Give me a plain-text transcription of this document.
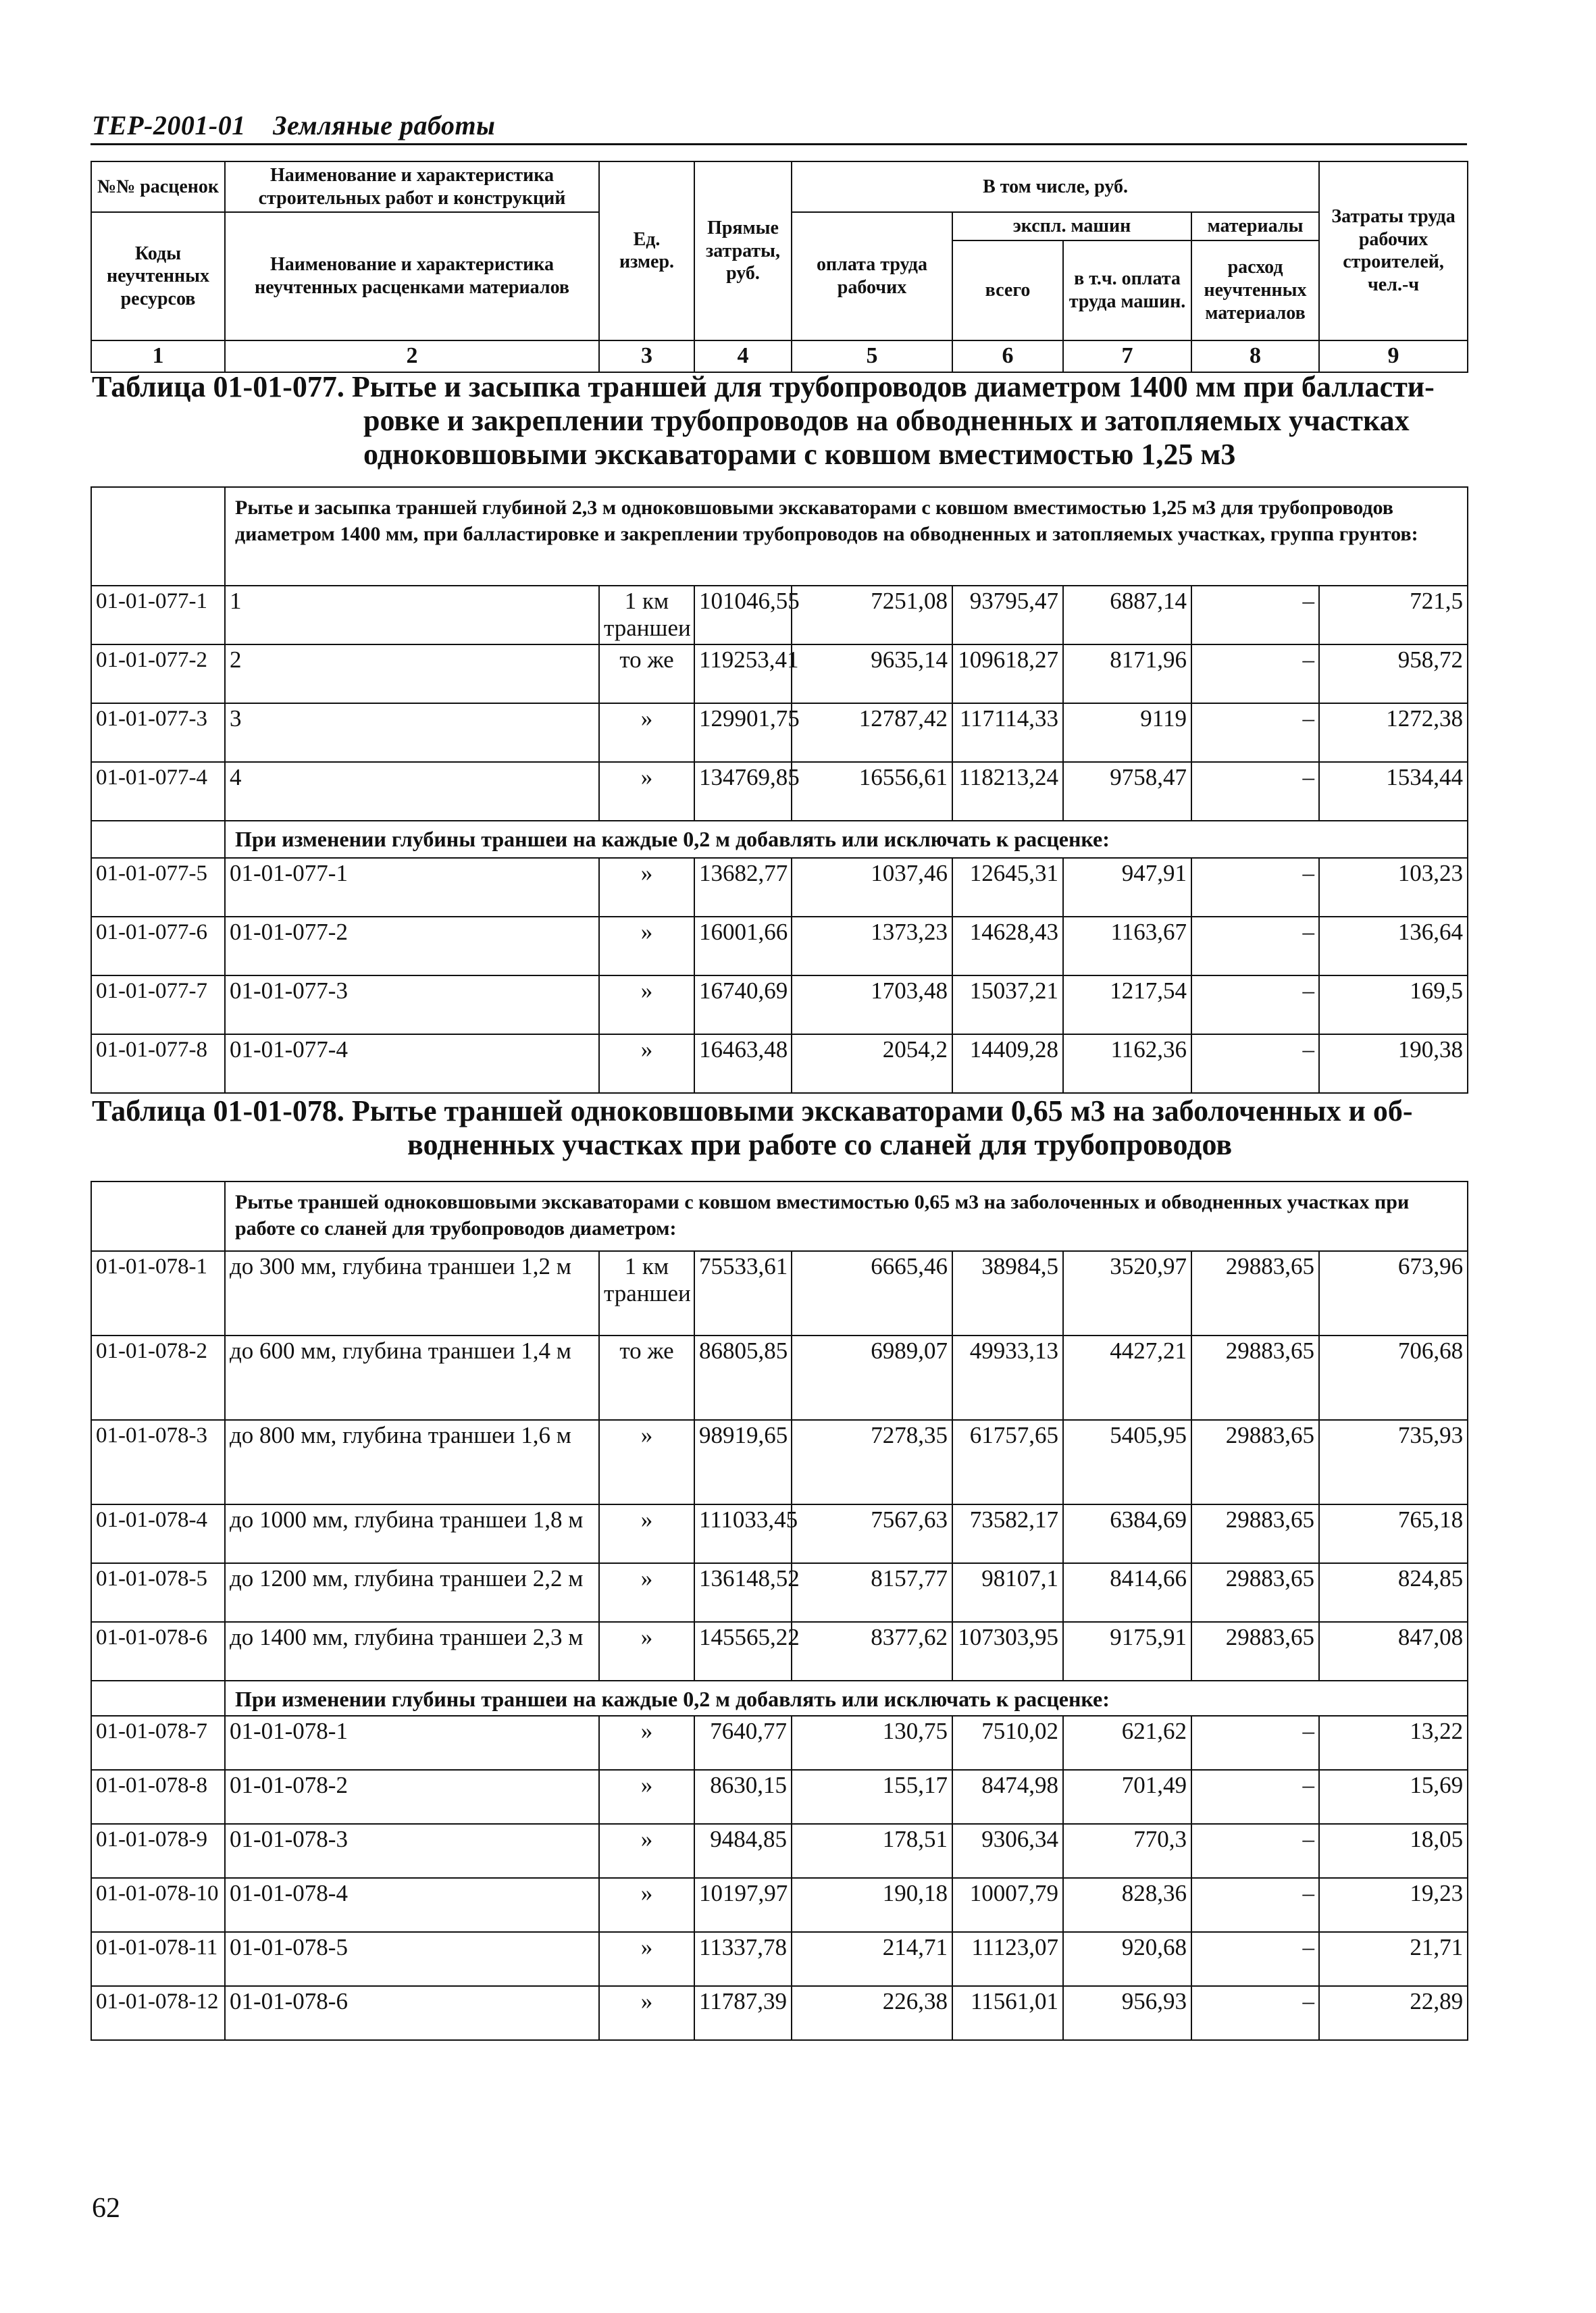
ТЕР-2001-01 Земляные работы
№№ расценок	Наименование и характеристика строительных работ и конструкций	Ед. измер.	Прямые затраты, руб.	В том числе, руб.				Затраты труда рабочих строителей, чел.-ч
Коды неучтенных ресурсов	Наименование и характеристика неучтенных расценками материалов			оплата труда рабочих	экспл. машин		материалы	
					всего	в т.ч. оплата труда машин.	расход неучтенных материалов	
1	2	3	4	5	6	7	8	9
Таблица 01-01-077. Рытье и засыпка траншей для трубопроводов диаметром 1400 мм при балласти-
ровке и закреплении трубопроводов на обводненных и затопляемых участках
одноковшовыми экскаваторами с ковшом вместимостью 1,25 м3
	Рытье и засыпка траншей глубиной 2,3 м одноковшовыми экскаваторами с ковшом вместимостью 1,25 м3 для трубопроводов диаметром 1400 мм, при балластировке и закреплении трубопроводов на обводненных и затопляемых участках, группа грунтов:							
01-01-077-1	1	1 км траншеи	101046,55	7251,08	93795,47	6887,14	–	721,5
01-01-077-2	2	то же	119253,41	9635,14	109618,27	8171,96	–	958,72
01-01-077-3	3	»	129901,75	12787,42	117114,33	9119	–	1272,38
01-01-077-4	4	»	134769,85	16556,61	118213,24	9758,47	–	1534,44
	При изменении глубины траншеи на каждые 0,2 м добавлять или исключать к расценке:							
01-01-077-5	01-01-077-1	»	13682,77	1037,46	12645,31	947,91	–	103,23
01-01-077-6	01-01-077-2	»	16001,66	1373,23	14628,43	1163,67	–	136,64
01-01-077-7	01-01-077-3	»	16740,69	1703,48	15037,21	1217,54	–	169,5
01-01-077-8	01-01-077-4	»	16463,48	2054,2	14409,28	1162,36	–	190,38
Таблица 01-01-078. Рытье траншей одноковшовыми экскаваторами 0,65 м3 на заболоченных и об-
водненных участках при работе со сланей для трубопроводов
	Рытье траншей одноковшовыми экскаваторами с ковшом вместимостью 0,65 м3 на заболоченных и обводненных участках при работе со сланей для трубопроводов диаметром:							
01-01-078-1	до 300 мм, глубина траншеи 1,2 м	1 км траншеи	75533,61	6665,46	38984,5	3520,97	29883,65	673,96
01-01-078-2	до 600 мм, глубина траншеи 1,4 м	то же	86805,85	6989,07	49933,13	4427,21	29883,65	706,68
01-01-078-3	до 800 мм, глубина траншеи 1,6 м	»	98919,65	7278,35	61757,65	5405,95	29883,65	735,93
01-01-078-4	до 1000 мм, глубина траншеи 1,8 м	»	111033,45	7567,63	73582,17	6384,69	29883,65	765,18
01-01-078-5	до 1200 мм, глубина траншеи 2,2 м	»	136148,52	8157,77	98107,1	8414,66	29883,65	824,85
01-01-078-6	до 1400 мм, глубина траншеи 2,3 м	»	145565,22	8377,62	107303,95	9175,91	29883,65	847,08
	При изменении глубины траншеи на каждые 0,2 м добавлять или исключать к расценке:							
01-01-078-7	01-01-078-1	»	7640,77	130,75	7510,02	621,62	–	13,22
01-01-078-8	01-01-078-2	»	8630,15	155,17	8474,98	701,49	–	15,69
01-01-078-9	01-01-078-3	»	9484,85	178,51	9306,34	770,3	–	18,05
01-01-078-10	01-01-078-4	»	10197,97	190,18	10007,79	828,36	–	19,23
01-01-078-11	01-01-078-5	»	11337,78	214,71	11123,07	920,68	–	21,71
01-01-078-12	01-01-078-6	»	11787,39	226,38	11561,01	956,93	–	22,89
62
